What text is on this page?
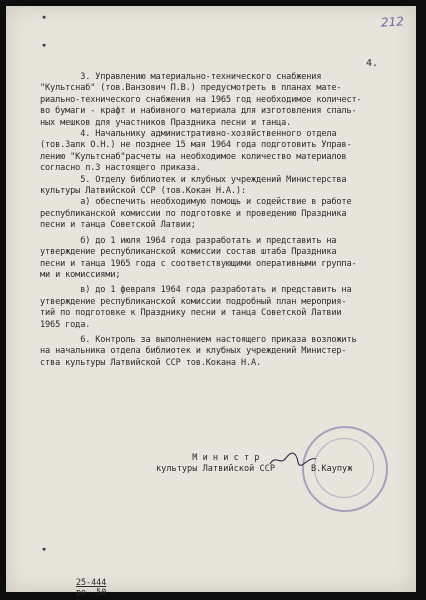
▪
▪
▪
212
4.

3. Управлению материально-технического снабжения

"Культснаб" (тов.Ванзович П.В.) предусмотреть в планах мате-

риально-технического снабжения на 1965 год необходимое количест-

во бумаги - крафт и набивного материала для изготовления спаль-

ных мешков для участников Праздника песни и танца.

4. Начальнику административно-хозяйственного отдела

(тов.Залк О.Н.) не позднее 15 мая 1964 года подготовить Управ-

лению "Культснаб"расчеты на необходимое количество материалов

согласно п.3 настоящего приказа.

5. Отделу библиотек и клубных учреждений Министерства

культуры Латвийской ССР (тов.Кокан Н.А.):

а) обеспечить необходимую помощь и содействие в работе

республиканской комиссии по подготовке и проведению Праздника

песни и танца Советской Латвии;

б) до 1 июля 1964 года разработать и представить на

утверждение республиканской комиссии состав штаба Праздника

песни и танца 1965 года с соответствующими оперативными группа-

ми и комиссиями;

в) до 1 февраля 1964 года разработать и представить на

утверждение республиканской комиссии подробный план мероприя-

тий по подготовке к Празднику песни и танца Советской Латвии

1965 года.

6. Контроль за выполнением настоящего приказа возложить

на начальника отдела библиотек и клубных учреждений Министер-

ства культуры Латвийской ССР тов.Кокана Н.А.

М и н и с т р

культуры Латвийской ССР	В.Каупуж

25-444

ро -50
